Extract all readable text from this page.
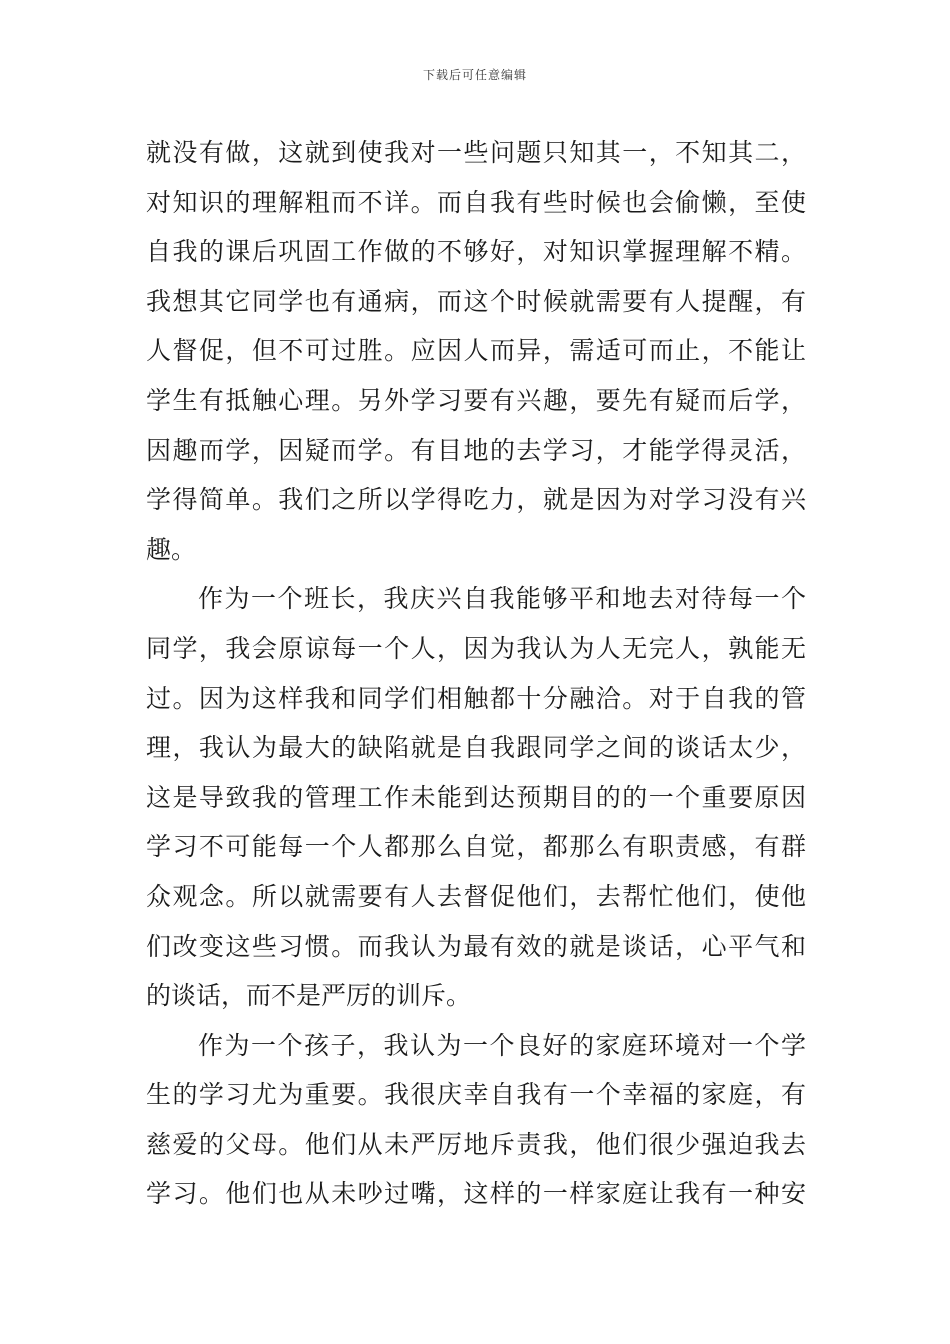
下载后可任意编辑
就没有做，这就到使我对一些问题只知其一，不知其二，
对知识的理解粗而不详。而自我有些时候也会偷懒，至使
自我的课后巩固工作做的不够好，对知识掌握理解不精。
我想其它同学也有通病，而这个时候就需要有人提醒，有
人督促，但不可过胜。应因人而异，需适可而止，不能让
学生有抵触心理。另外学习要有兴趣，要先有疑而后学，
因趣而学，因疑而学。有目地的去学习，才能学得灵活，
学得简单。我们之所以学得吃力，就是因为对学习没有兴
趣。
作为一个班长，我庆兴自我能够平和地去对待每一个
同学，我会原谅每一个人，因为我认为人无完人，孰能无
过。因为这样我和同学们相触都十分融洽。对于自我的管
理，我认为最大的缺陷就是自我跟同学之间的谈话太少，
这是导致我的管理工作未能到达预期目的的一个重要原因
学习不可能每一个人都那么自觉，都那么有职责感，有群
众观念。所以就需要有人去督促他们，去帮忙他们，使他
们改变这些习惯。而我认为最有效的就是谈话，心平气和
的谈话，而不是严厉的训斥。
作为一个孩子，我认为一个良好的家庭环境对一个学
生的学习尤为重要。我很庆幸自我有一个幸福的家庭，有
慈爱的父母。他们从未严厉地斥责我，他们很少强迫我去
学习。他们也从未吵过嘴，这样的一样家庭让我有一种安
